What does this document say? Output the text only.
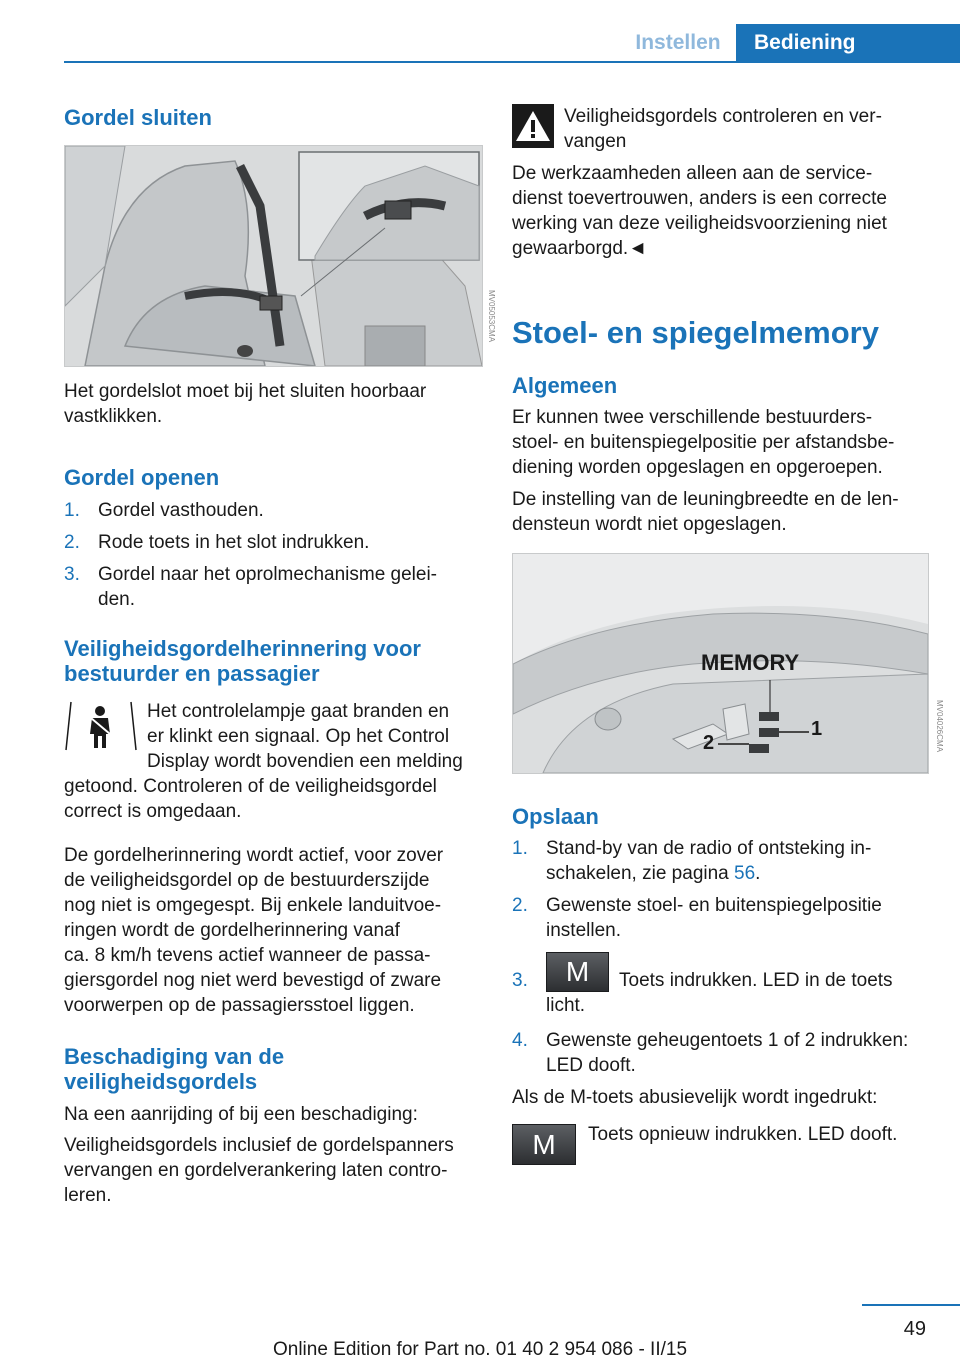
Instellen	Bediening
Gordel sluiten
MV05053CMA
Het gordelslot moet bij het sluiten hoorbaar vastklikken.
Gordel openen
1. Gordel vasthouden.
2. Rode toets in het slot indrukken.
3. Gordel naar het oprolmechanisme gelei‐
den.
Veiligheidsgordelherinnering voor
bestuurder en passagier
Het controlelampje gaat branden en
er klinkt een signaal. Op het Control
Display wordt bovendien een melding
getoond. Controleren of de veiligheidsgordel
correct is omgedaan.
De gordelherinnering wordt actief, voor zover
de veiligheidsgordel op de bestuurderszijde
nog niet is omgegespt. Bij enkele landuitvoe‐
ringen wordt de gordelherinnering vanaf
ca. 8 km/h tevens actief wanneer de passa‐
giersgordel nog niet werd bevestigd of zware
voorwerpen op de passagiersstoel liggen.
Beschadiging van de
veiligheidsgordels
Na een aanrijding of bij een beschadiging:
Veiligheidsgordels inclusief de gordelspanners
vervangen en gordelverankering laten contro‐
leren.
Veiligheidsgordels controleren en ver‐
vangen
De werkzaamheden alleen aan de service‐
dienst toevertrouwen, anders is een correcte
werking van deze veiligheidsvoorziening niet
gewaarborgd.◄
Stoel- en spiegelmemory
Algemeen
Er kunnen twee verschillende bestuurders‐
stoel- en buitenspiegelpositie per afstandsbe‐
diening worden opgeslagen en opgeroepen.
De instelling van de leuningbreedte en de len‐
densteun wordt niet opgeslagen.
MEMORY
1
2	MV04026CMA
Opslaan
1. Stand-by van de radio of ontsteking in‐
schakelen, zie pagina 56.
2. Gewenste stoel- en buitenspiegelpositie
instellen.
3.	Toets indrukken. LED in de toets
licht.
M
4. Gewenste geheugentoets 1 of 2 indrukken:
LED dooft.
Als de M-toets abusievelijk wordt ingedrukt:
M	Toets opnieuw indrukken. LED dooft.
49
Online Edition for Part no. 01 40 2 954 086 - II/15
